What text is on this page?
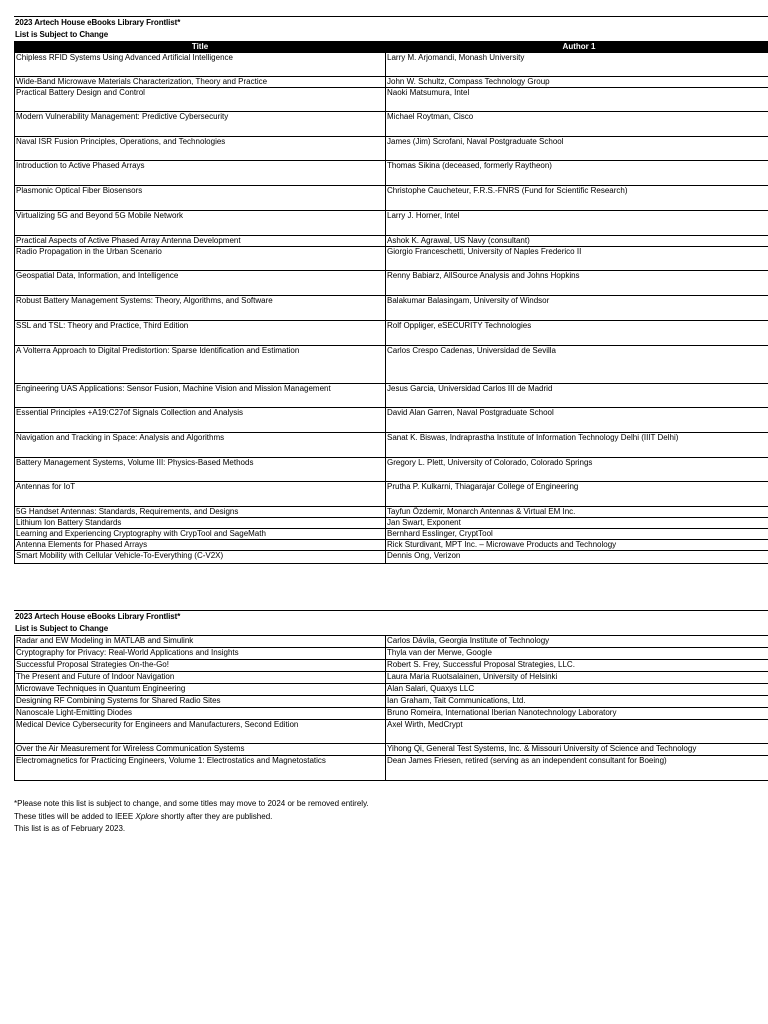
2023 Artech House eBooks Library Frontlist*
List is Subject to Change
Title	Author 1
Chipless RFID Systems Using Advanced Artificial Intelligence	Larry M. Arjomandi, Monash University
Wide-Band Microwave Materials Characterization, Theory and Practice	John W. Schultz, Compass Technology Group
Practical Battery Design and Control	Naoki Matsumura, Intel
Modern Vulnerability Management: Predictive Cybersecurity	Michael Roytman, Cisco
Naval ISR Fusion Principles, Operations, and Technologies	James (Jim) Scrofani, Naval Postgraduate School
Introduction to Active Phased Arrays	Thomas Sikina (deceased, formerly Raytheon)
Plasmonic Optical Fiber Biosensors	Christophe Caucheteur, F.R.S.-FNRS (Fund for Scientific Research)
Virtualizing 5G and Beyond 5G Mobile Network	Larry J. Horner, Intel
Practical Aspects of Active Phased Array Antenna Development	Ashok K. Agrawal, US Navy (consultant)
Radio Propagation in the Urban Scenario	Giorgio Franceschetti, University of Naples Frederico II
Geospatial Data, Information, and Intelligence	Renny Babiarz, AllSource Analysis and Johns Hopkins
Robust Battery Management Systems: Theory, Algorithms, and Software	Balakumar Balasingam, University of Windsor
SSL and TSL: Theory and Practice, Third Edition	Rolf Oppliger, eSECURITY Technologies
A Volterra Approach to Digital Predistortion: Sparse Identification and Estimation	Carlos Crespo Cadenas, Universidad de Sevilla
Engineering UAS Applications: Sensor Fusion, Machine Vision and Mission Management	Jesus Garcia, Universidad Carlos III de Madrid
Essential Principles +A19:C27of Signals Collection and Analysis	David Alan Garren, Naval Postgraduate School
Navigation and Tracking in Space: Analysis and Algorithms	Sanat K. Biswas, Indraprastha Institute of Information Technology Delhi (IIIT Delhi)
Battery Management Systems, Volume III: Physics-Based Methods	Gregory L. Plett, University of Colorado, Colorado Springs
Antennas for IoT	Prutha P. Kulkarni, Thiagarajar College of Engineering
5G Handset Antennas: Standards, Requirements, and Designs	Tayfun Özdemir, Monarch Antennas & Virtual EM Inc.
Lithium Ion Battery Standards	Jan Swart, Exponent
Learning and Experiencing Cryptography with CrypTool and SageMath	Bernhard Esslinger, CryptTool
Antenna Elements for Phased Arrays	Rick Sturdivant, MPT Inc. – Microwave Products and Technology
Smart Mobility with Cellular Vehicle-To-Everything (C-V2X)	Dennis Ong, Verizon
2023 Artech House eBooks Library Frontlist*
List is Subject to Change
Radar and EW Modeling in MATLAB and Simulink	Carlos Dávila, Georgia Institute of Technology
Cryptography for Privacy: Real-World Applications and Insights	Thyla van der Merwe, Google
Successful Proposal Strategies On-the-Go!	Robert S. Frey, Successful Proposal Strategies, LLC.
The Present and Future of Indoor Navigation	Laura Maria Ruotsalainen, University of Helsinki
Microwave Techniques in Quantum Engineering	Alan Salari, Quaxys LLC
Designing RF Combining Systems for Shared Radio Sites	Ian Graham, Tait Communications, Ltd.
Nanoscale Light-Emitting Diodes	Bruno Romeira, International Iberian Nanotechnology Laboratory
Medical Device Cybersecurity for Engineers and Manufacturers, Second Edition	Axel Wirth, MedCrypt
Over the Air Measurement for Wireless Communication Systems	Yihong Qi, General Test Systems, Inc. & Missouri University of Science and Technology
Electromagnetics for Practicing Engineers, Volume 1: Electrostatics and Magnetostatics	Dean James Friesen, retired (serving as an independent consultant for Boeing)
*Please note this list is subject to change, and some titles may move to 2024 or be removed entirely.
These titles will be added to IEEE Xplore shortly after they are published.
This list is as of February 2023.
